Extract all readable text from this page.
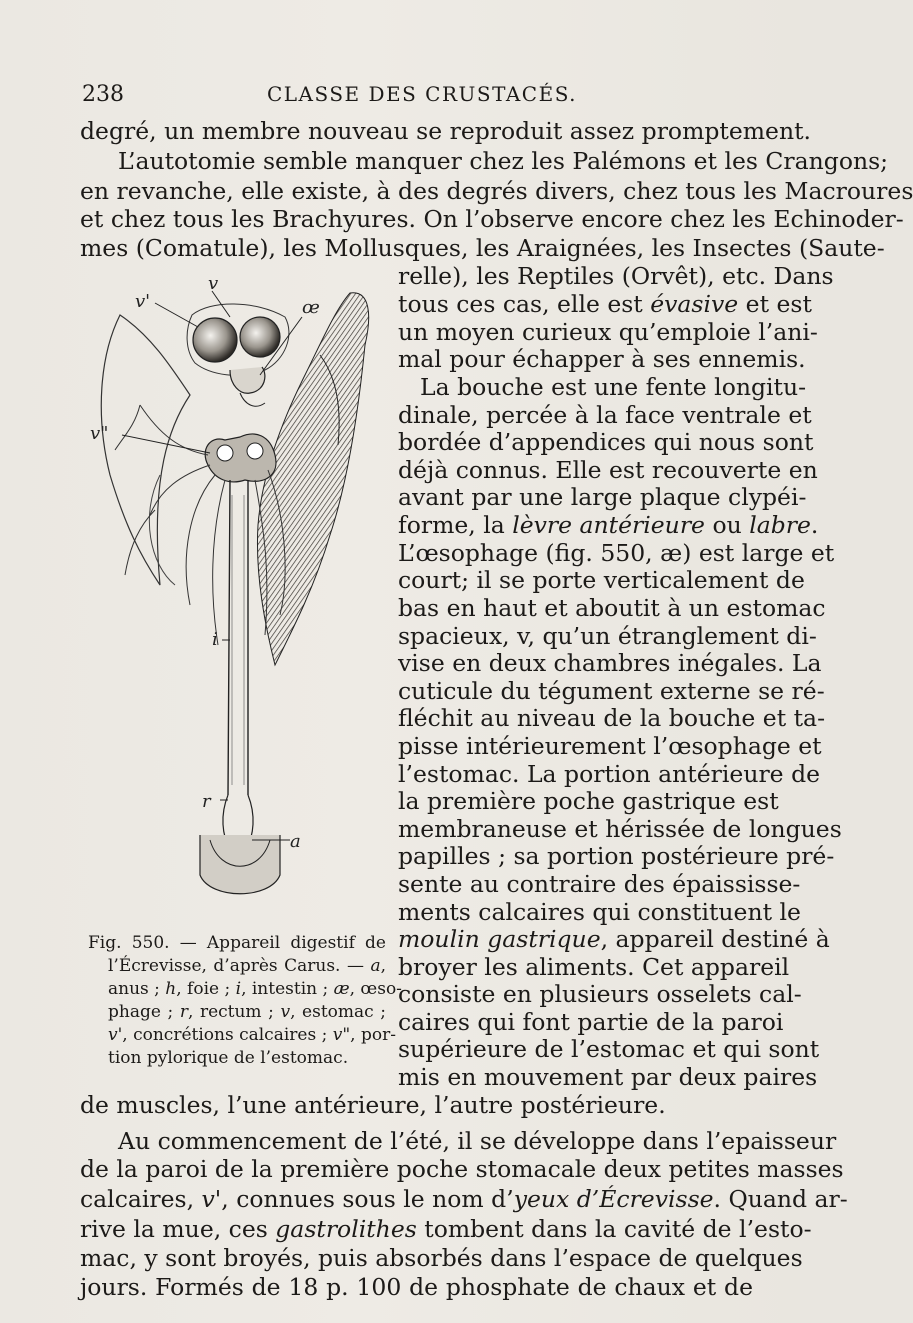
238	CLASSE DES CRUSTACÉS.
degré, un membre nouveau se reproduit assez promptement.
L’autotomie semble manquer chez les Palémons et les Crangons;
en revanche, elle existe, à des degrés divers, chez tous les Macroures
et chez tous les Brachyures. On l’observe encore chez les Echinoder-
mes (Comatule), les Mollusques, les Araignées, les Insectes (Saute-
relle), les Reptiles (Orvêt), etc. Dans
tous ces cas, elle est évasive et est
un moyen curieux qu’emploie l’ani-
mal pour échapper à ses ennemis.
La bouche est une fente longitu-
dinale, percée à la face ventrale et
bordée d’appendices qui nous sont
déjà connus. Elle est recouverte en
avant par une large plaque clypéi-
forme, la lèvre antérieure ou labre.
L’œsophage (fig. 550, æ) est large et
court; il se porte verticalement de
bas en haut et aboutit à un estomac
spacieux, v, qu’un étranglement di-
vise en deux chambres inégales. La
cuticule du tégument externe se ré-
fléchit au niveau de la bouche et ta-
pisse intérieurement l’œsophage et
l’estomac. La portion antérieure de
la première poche gastrique est
membraneuse et hérissée de longues
papilles ; sa portion postérieure pré-
sente au contraire des épaississe-
ments calcaires qui constituent le
moulin gastrique, appareil destiné à
broyer les aliments. Cet appareil
consiste en plusieurs osselets cal-
caires qui font partie de la paroi
supérieure de l’estomac et qui sont
mis en mouvement par deux paires
v'
v
œ
v"
i
r
a
Fig. 550. — Appareil digestif de
l’Écrevisse, d’après Carus. — a,
anus ; h, foie ; i, intestin ; æ, œso-
phage ; r, rectum ; v, estomac ;
v', concrétions calcaires ; v", por-
tion pylorique de l’estomac.
de muscles, l’une antérieure, l’autre postérieure.
Au commencement de l’été, il se développe dans l’epaisseur
de la paroi de la première poche stomacale deux petites masses
calcaires, v', connues sous le nom d’yeux d’Écrevisse. Quand ar-
rive la mue, ces gastrolithes tombent dans la cavité de l’esto-
mac, y sont broyés, puis absorbés dans l’espace de quelques
jours. Formés de 18 p. 100 de phosphate de chaux et de
